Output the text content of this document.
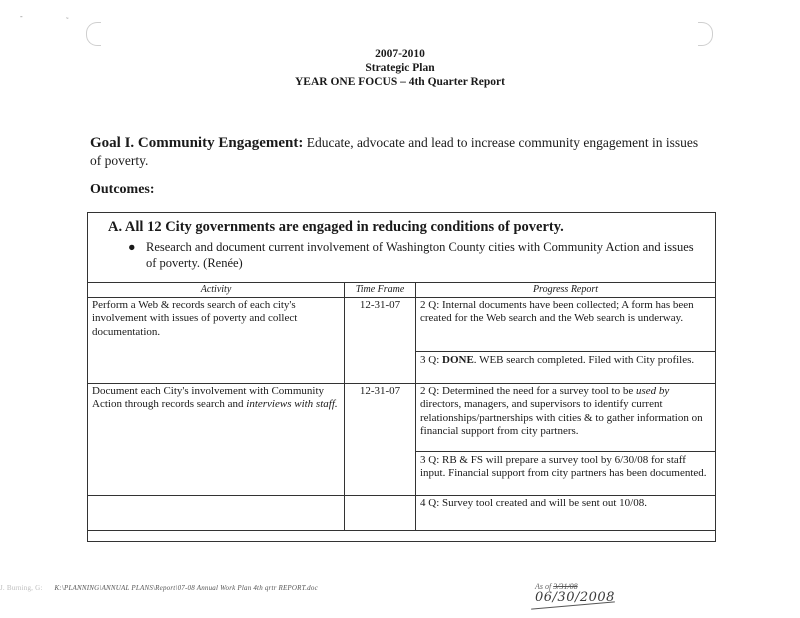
-	˜
2007-2010
Strategic Plan
YEAR ONE FOCUS – 4th Quarter Report
Goal I. Community Engagement: Educate, advocate and lead to increase community engagement in issues of poverty.
Outcomes:
A. All 12 City governments are engaged in reducing conditions of poverty.
● Research and document current involvement of Washington County cities with Community Action and issues of poverty. (Renée)
Activity	Time Frame	Progress Report
Perform a Web & records search of each city's involvement with issues of poverty and collect documentation.	12-31-07	2 Q: Internal documents have been collected; A form has been created for the Web search and the Web search is underway.
3 Q: DONE. WEB search completed. Filed with City profiles.

Document each City's involvement with Community Action through records search and interviews with staff.	12-31-07	2 Q: Determined the need for a survey tool to be used by directors, managers, and supervisors to identify current relationships/partnerships with cities & to gather information on financial support from city partners.
3 Q: RB & FS will prepare a survey tool by 6/30/08 for staff input. Financial support from city partners has been documented.

		4 Q: Survey tool created and will be sent out 10/08.
J. Burning, G: K:\PLANNING\ANNUAL PLANS\Report\07-08 Annual Work Plan 4th qrtr REPORT.doc	As of 3/31/08
06/30/2008
